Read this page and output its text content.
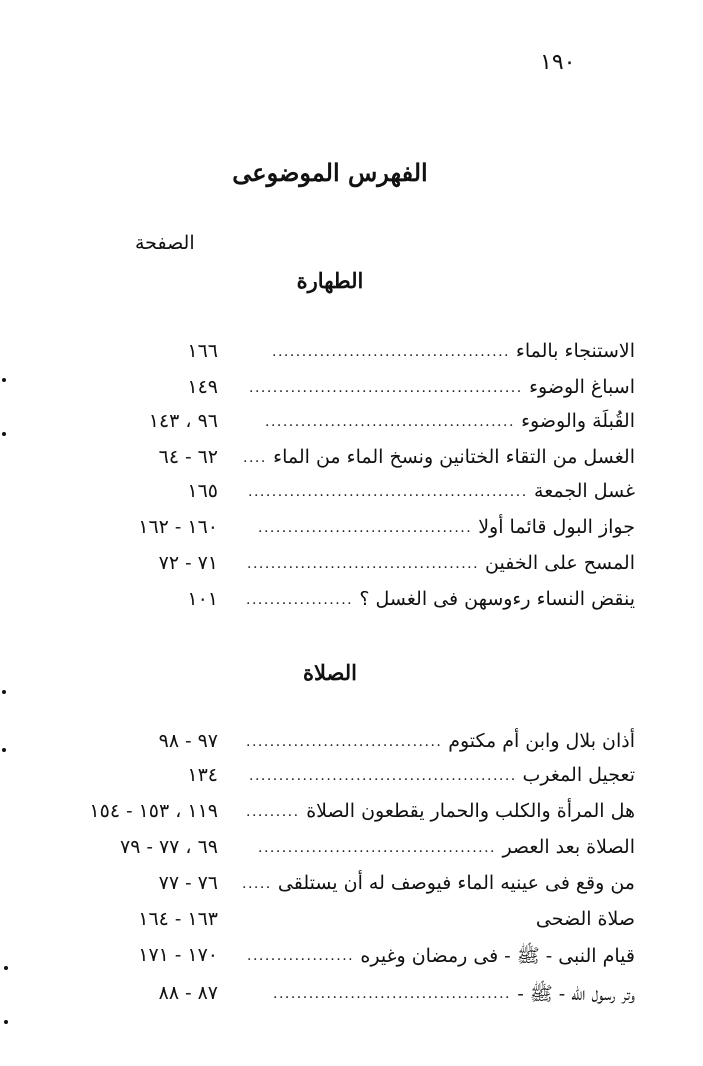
١٩٠
الفهرس الموضوعى
الصفحة
الطهارة
الصلاة
الاستنجاء بالماء
........................................
١٦٦
اسباغ الوضوء
..............................................
١٤٩
القُبلَة والوضوء
..........................................
٩٦ ، ١٤٣
الغسل من التقاء الختانين ونسخ الماء من الماء
....
٦٢ - ٦٤
غسل الجمعة
...............................................
١٦٥
جواز البول قائما أولا
....................................
١٦٠ - ١٦٢
المسح على الخفين
.......................................
٧١ - ٧٢
ينقض النساء رءوسهن فى الغسل ؟
..................
١٠١
أذان بلال وابن أم مكتوم
.................................
٩٧ - ٩٨
تعجيل المغرب
.............................................
١٣٤
هل المرأة والكلب والحمار يقطعون الصلاة
.........
١١٩ ، ١٥٣ - ١٥٤
الصلاة بعد العصر
........................................
٦٩ ، ٧٧ - ٧٩
من وقع فى عينيه الماء فيوصف له أن يستلقى
.....
٧٦ - ٧٧
صلاة الضحى
١٦٣ - ١٦٤
قيام النبى - ﷺ - فى رمضان وغيره
..................
١٧٠ - ١٧١
وتر رسول الله - ﷺ -
........................................
٨٧ - ٨٨
